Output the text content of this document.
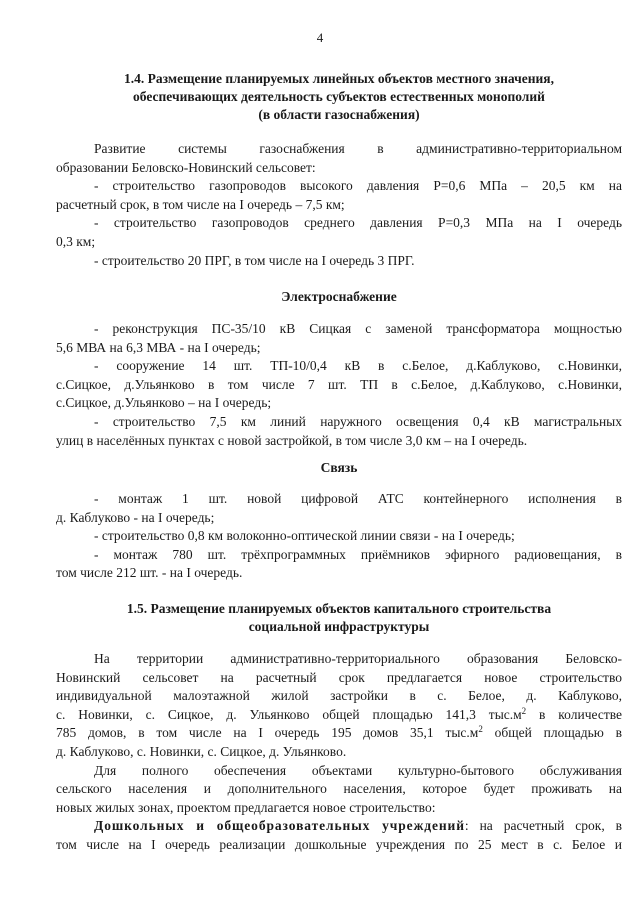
4
1.4. Размещение планируемых линейных объектов местного значения,
обеспечивающих деятельность субъектов естественных монополий
(в области газоснабжения)
Развитие системы газоснабжения в административно-территориальном
образовании Беловско-Новинский сельсовет:
- строительство газопроводов высокого давления Р=0,6 МПа – 20,5 км на
расчетный срок, в том числе на I очередь – 7,5 км;
- строительство газопроводов среднего давления Р=0,3 МПа на I очередь
0,3 км;
- строительство 20 ПРГ, в том числе на I очередь 3 ПРГ.
Электроснабжение
- реконструкция ПС-35/10 кВ Сицкая с заменой трансформатора мощностью
5,6 МВА на 6,3 МВА - на I очередь;
- сооружение 14 шт. ТП-10/0,4 кВ в с.Белое, д.Каблуково, с.Новинки,
с.Сицкое, д.Ульянково в том числе 7 шт. ТП в с.Белое, д.Каблуково, с.Новинки,
с.Сицкое, д.Ульянково – на I очередь;
- строительство 7,5 км линий наружного освещения 0,4 кВ магистральных
улиц в населённых пунктах с новой застройкой, в том числе 3,0 км – на I очередь.
Связь
- монтаж 1 шт. новой цифровой АТС контейнерного исполнения в
д. Каблуково - на I очередь;
- строительство 0,8 км волоконно-оптической линии связи - на I очередь;
- монтаж 780 шт. трёхпрограммных приёмников эфирного радиовещания, в
том числе 212 шт. - на I очередь.
1.5. Размещение планируемых объектов капитального строительства
социальной инфраструктуры
На территории административно-территориального образования Беловско-
Новинский сельсовет на расчетный срок предлагается новое строительство
индивидуальной малоэтажной жилой застройки в с. Белое, д. Каблуково,
с. Новинки, с. Сицкое, д. Ульянково общей площадью 141,3 $тыс.м^2$ в количестве
785 домов, в том числе на I очередь 195 домов 35,1 $тыс.м^2$ общей площадью в
д. Каблуково, с. Новинки, с. Сицкое, д. Ульянково.
Для полного обеспечения объектами культурно-бытового обслуживания
сельского населения и дополнительного населения, которое будет проживать на
новых жилых зонах, проектом предлагается новое строительство:
Дошкольных и общеобразовательных учреждений: на расчетный срок, в
том числе на I очередь реализации дошкольные учреждения по 25 мест в с. Белое и
